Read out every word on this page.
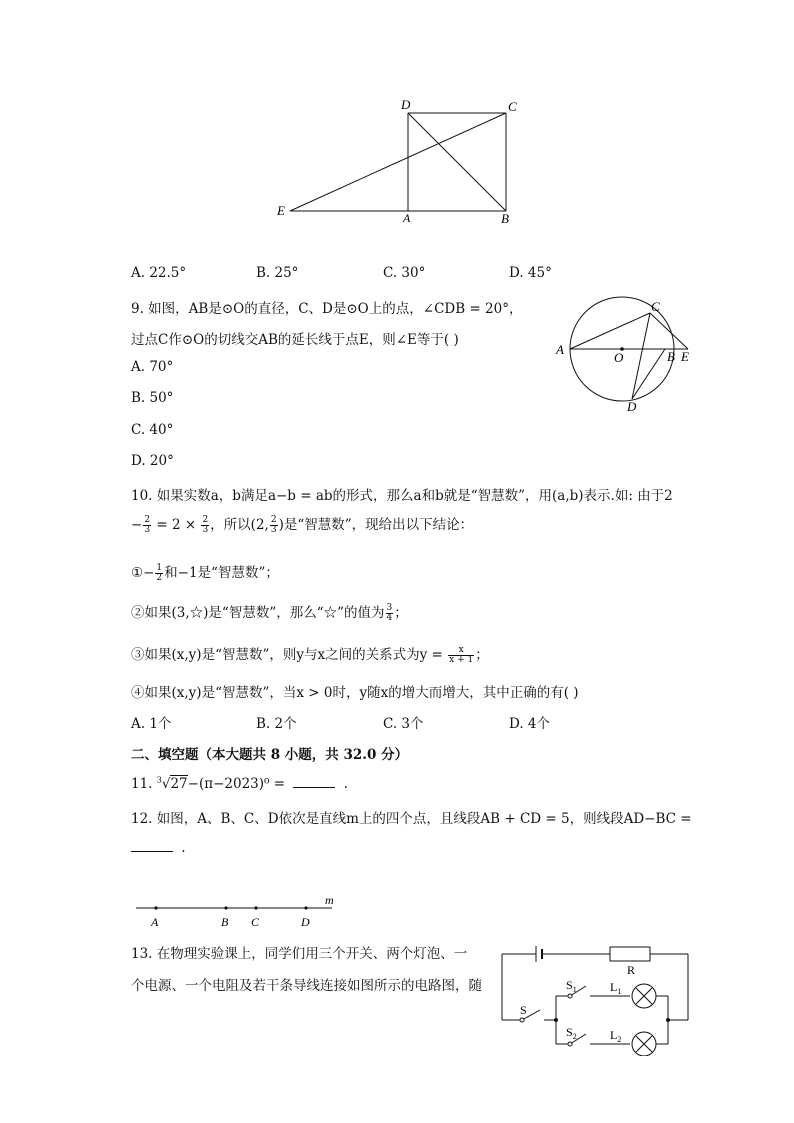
D	C
E	A	B
A. 22.5°	B. 25°	C. 30°	D. 45°
9. 如图，AB是⊙O的直径，C、D是⊙O上的点，∠CDB = 20°，
过点C作⊙O的切线交AB的延长线于点E，则∠E等于( )
A. 70°
B. 50°
C. 40°
D. 20°
A
O	B E
C
D
10. 如果实数a，b满足a−b = ab的形式，那么a和b就是“智慧数”，用(a,b)表示.如: 由于2
− $\frac{2}{3} = 2 \times \frac{2}{3}$ ，所以(2, $\frac{2}{3}$ )是“智慧数”，现给出以下结论：
①− $\frac{1}{2}$ 和−1是“智慧数”；
②如果(3,☆)是“智慧数”，那么“☆”的值为 $\frac{3}{4}$ ；
③如果(x,y)是“智慧数”，则y与x之间的关系式为$y = \frac{x}{x + 1}$ ；
④如果(x,y)是“智慧数”，当x > 0时，y随x的增大而增大，其中正确的有( )
A. 1个	B. 2个	C. 3个	D. 4个
二、填空题（本大题共 8 小题，共 32.0 分）
11. $^3$√27−(π−2023)⁰ =	.
12. 如图，A、B、C、D依次是直线m上的四个点，且线段AB + CD = 5，则线段AD−BC =
.
m
A	B C	D
13. 在物理实验课上，同学们用三个开关、两个灯泡、一
个电源、一个电阻及若干条导线连接如图所示的电路图，随
R
S
$S_1$	$L_1$
$S_2$	$L_2$
